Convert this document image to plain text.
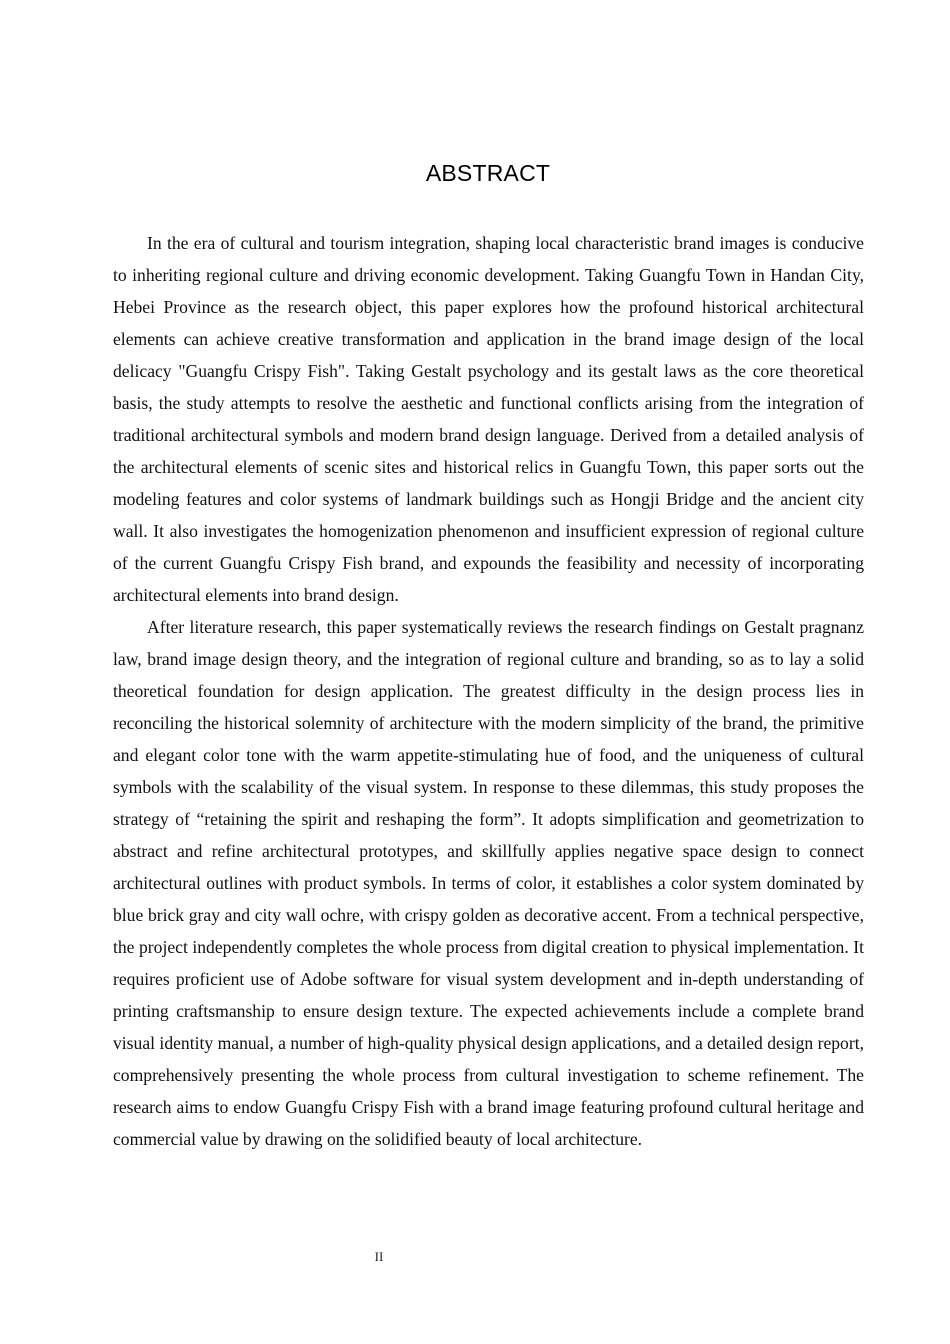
ABSTRACT

In the era of cultural and tourism integration, shaping local characteristic brand images is conducive to inheriting regional culture and driving economic development. Taking Guangfu Town in Handan City, Hebei Province as the research object, this paper explores how the profound historical architectural elements can achieve creative transformation and application in the brand image design of the local delicacy "Guangfu Crispy Fish". Taking Gestalt psychology and its gestalt laws as the core theoretical basis, the study attempts to resolve the aesthetic and functional conflicts arising from the integration of traditional architectural symbols and modern brand design language. Derived from a detailed analysis of the architectural elements of scenic sites and historical relics in Guangfu Town, this paper sorts out the modeling features and color systems of landmark buildings such as Hongji Bridge and the ancient city wall. It also investigates the homogenization phenomenon and insufficient expression of regional culture of the current Guangfu Crispy Fish brand, and expounds the feasibility and necessity of incorporating architectural elements into brand design.

After literature research, this paper systematically reviews the research findings on Gestalt pragnanz law, brand image design theory, and the integration of regional culture and branding, so as to lay a solid theoretical foundation for design application. The greatest difficulty in the design process lies in reconciling the historical solemnity of architecture with the modern simplicity of the brand, the primitive and elegant color tone with the warm appetite-stimulating hue of food, and the uniqueness of cultural symbols with the scalability of the visual system. In response to these dilemmas, this study proposes the strategy of “retaining the spirit and reshaping the form”. It adopts simplification and geometrization to abstract and refine architectural prototypes, and skillfully applies negative space design to connect architectural outlines with product symbols. In terms of color, it establishes a color system dominated by blue brick gray and city wall ochre, with crispy golden as decorative accent. From a technical perspective, the project independently completes the whole process from digital creation to physical implementation. It requires proficient use of Adobe software for visual system development and in-depth understanding of printing craftsmanship to ensure design texture. The expected achievements include a complete brand visual identity manual, a number of high-quality physical design applications, and a detailed design report, comprehensively presenting the whole process from cultural investigation to scheme refinement. The research aims to endow Guangfu Crispy Fish with a brand image featuring profound cultural heritage and commercial value by drawing on the solidified beauty of local architecture.

II
